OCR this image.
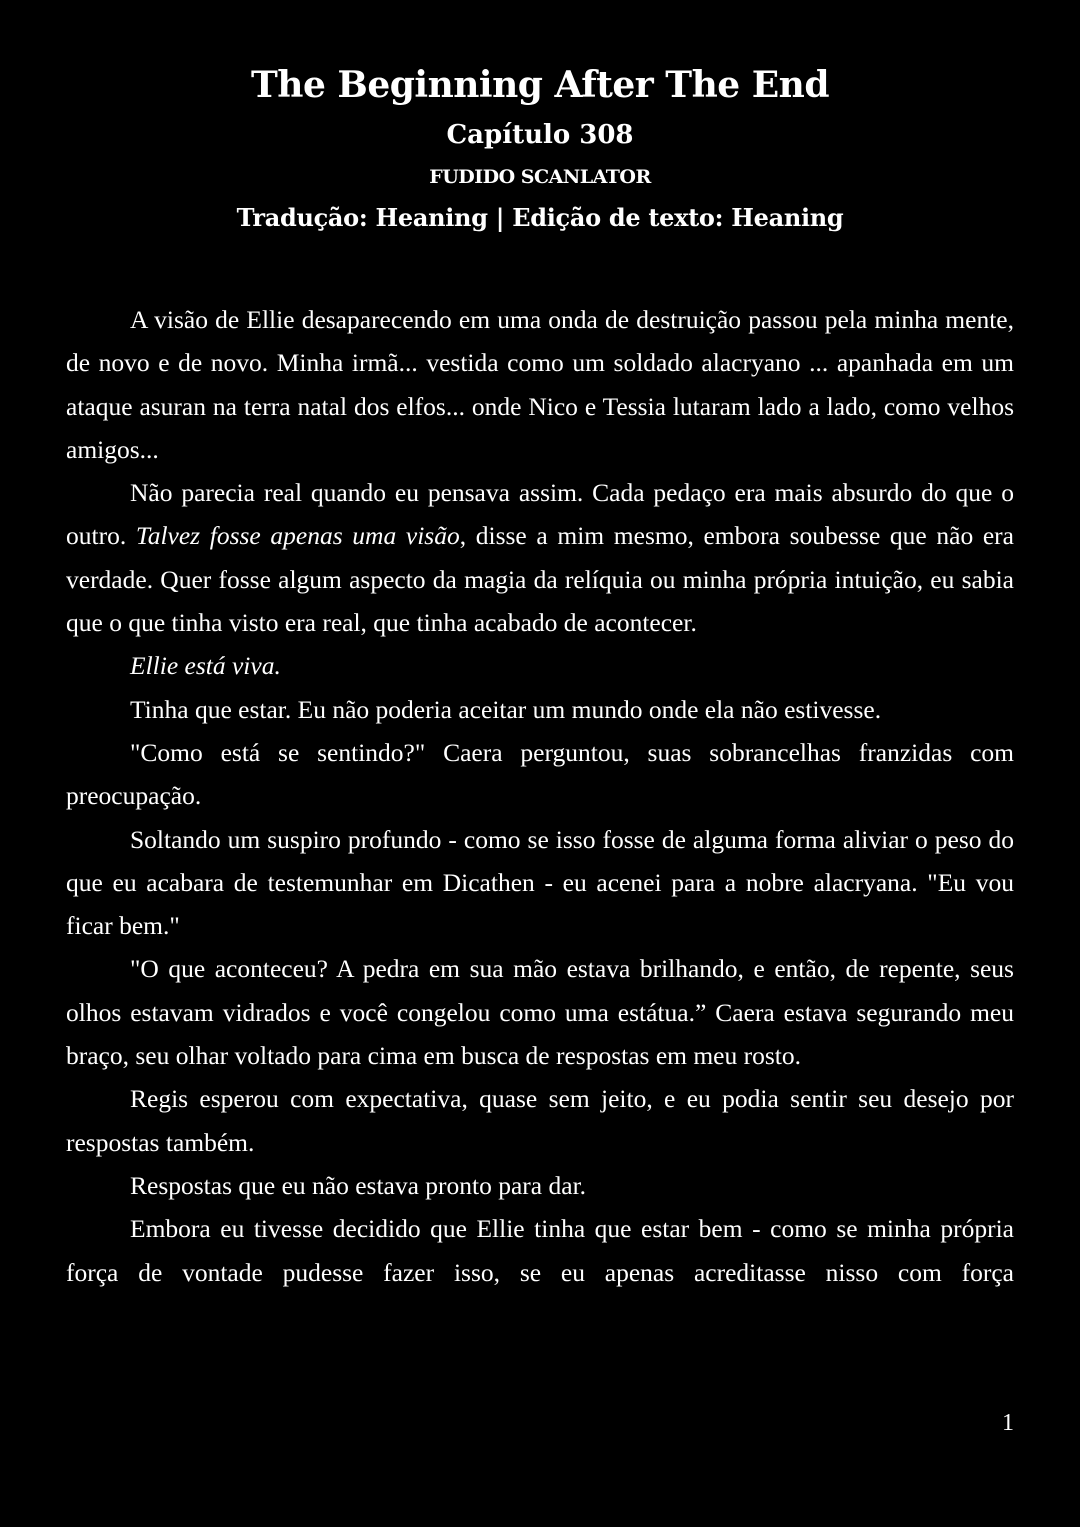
The Beginning After The End
Capítulo 308
FUDIDO SCANLATOR
Tradução: Heaning | Edição de texto: Heaning

A visão de Ellie desaparecendo em uma onda de destruição passou pela minha mente, de novo e de novo. Minha irmã... vestida como um soldado alacryano ... apanhada em um ataque asuran na terra natal dos elfos... onde Nico e Tessia lutaram lado a lado, como velhos amigos...

Não parecia real quando eu pensava assim. Cada pedaço era mais absurdo do que o outro. Talvez fosse apenas uma visão, disse a mim mesmo, embora soubesse que não era verdade. Quer fosse algum aspecto da magia da relíquia ou minha própria intuição, eu sabia que o que tinha visto era real, que tinha acabado de acontecer.

Ellie está viva.

Tinha que estar. Eu não poderia aceitar um mundo onde ela não estivesse.

"Como está se sentindo?" Caera perguntou, suas sobrancelhas franzidas com preocupação.

Soltando um suspiro profundo - como se isso fosse de alguma forma aliviar o peso do que eu acabara de testemunhar em Dicathen - eu acenei para a nobre alacryana. "Eu vou ficar bem."

"O que aconteceu? A pedra em sua mão estava brilhando, e então, de repente, seus olhos estavam vidrados e você congelou como uma estátua.” Caera estava segurando meu braço, seu olhar voltado para cima em busca de respostas em meu rosto.

Regis esperou com expectativa, quase sem jeito, e eu podia sentir seu desejo por respostas também.

Respostas que eu não estava pronto para dar.

Embora eu tivesse decidido que Ellie tinha que estar bem - como se minha própria força de vontade pudesse fazer isso, se eu apenas acreditasse nisso com força

1
